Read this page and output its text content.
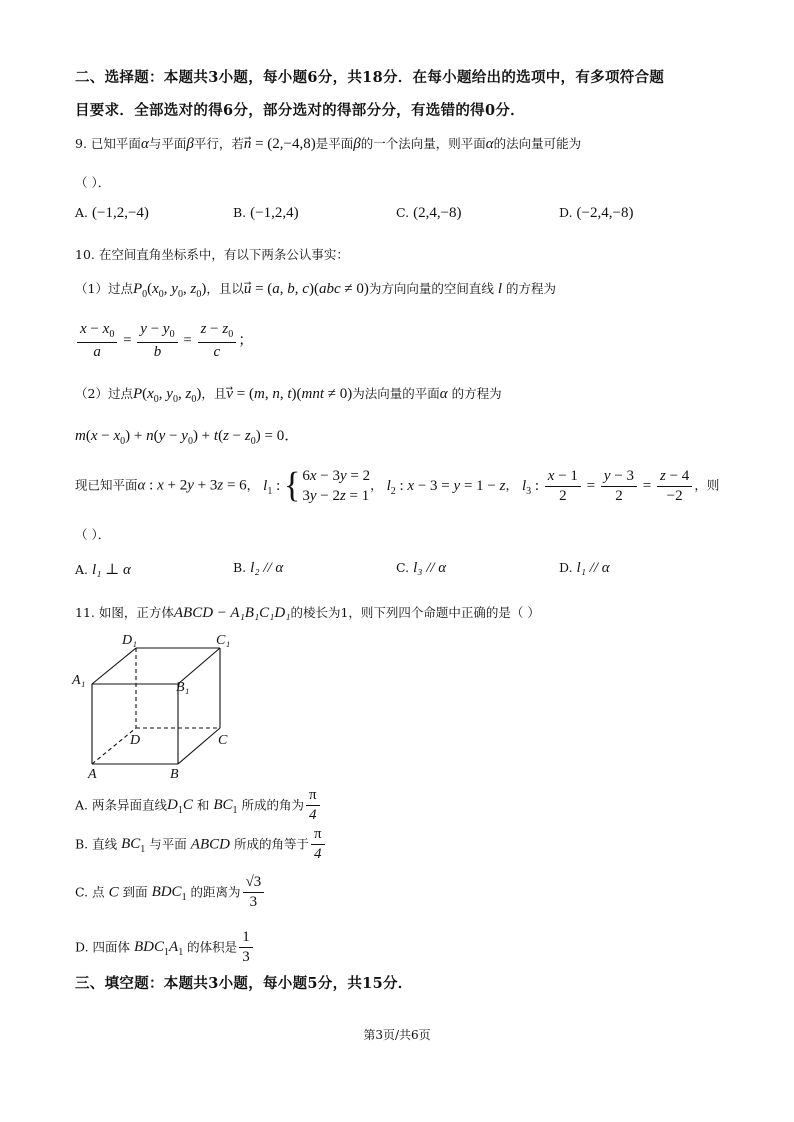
二、选择题：本题共3小题，每小题6分，共18分．在每小题给出的选项中，有多项符合题
目要求．全部选对的得6分，部分选对的得部分分，有选错的得0分．
9. 已知平面α与平面β平行，若n⃗ = (2,−4,8)是平面β的一个法向量，则平面α的法向量可能为
（ ）．
A. (−1,2,−4)	B. (−1,2,4)	C. (2,4,−8)	D. (−2,4,−8)
10. 在空间直角坐标系中，有以下两条公认事实：
（1）过点$P_0(x_0$, $y_0$, $z_0$)，且以u⃗ = (a, b, c)(abc ≠ 0)为方向向量的空间直线 l 的方程为
$\frac{x - x_0}{a} = \frac{y - y_0}{b} = \frac{z - z_0}{c}$ ；
（2）过点$P(x_0$, $y_0$, $z_0$)，且v⃗ = (m, n, t)(mnt ≠ 0)为法向量的平面α 的方程为
$m(x - x_0) + n(y - y_0) + t(z - z_0) = 0$．
现已知平面α : x + 2y + 3z = 6， $l_1$ : { 6x − 3y = 2
3y − 2z = 1
， $l_2$ : x − 3 = y = 1 − z， $l_3$ : $\frac{x - 1}{2} = \frac{y - 3}{2} = \frac{z - 4}{-2}$ ，则
（ ）．
A. l₁ ⊥ α	B. l₂ // α	C. l₃ // α	D. l₁ // α
11. 如图，正方体ABCD − A₁B₁C₁D₁的棱长为1，则下列四个命题中正确的是（ ）
A	B
C
D
A₁	B₁
C₁
D₁
A. 两条异面直线$D_1C$ 和 $BC_1$ 所成的角为 $\frac{\pi}{4}$
B. 直线 $BC_1$ 与平面 ABCD 所成的角等于 $\frac{\pi}{4}$
C. 点 C 到面 $BDC_1$ 的距离为 $\frac{√3}{3}$
D. 四面体 $BDC_1A_1$ 的体积是 $\frac{1}{3}$
三、填空题：本题共3小题，每小题5分，共15分．
第3页/共6页
